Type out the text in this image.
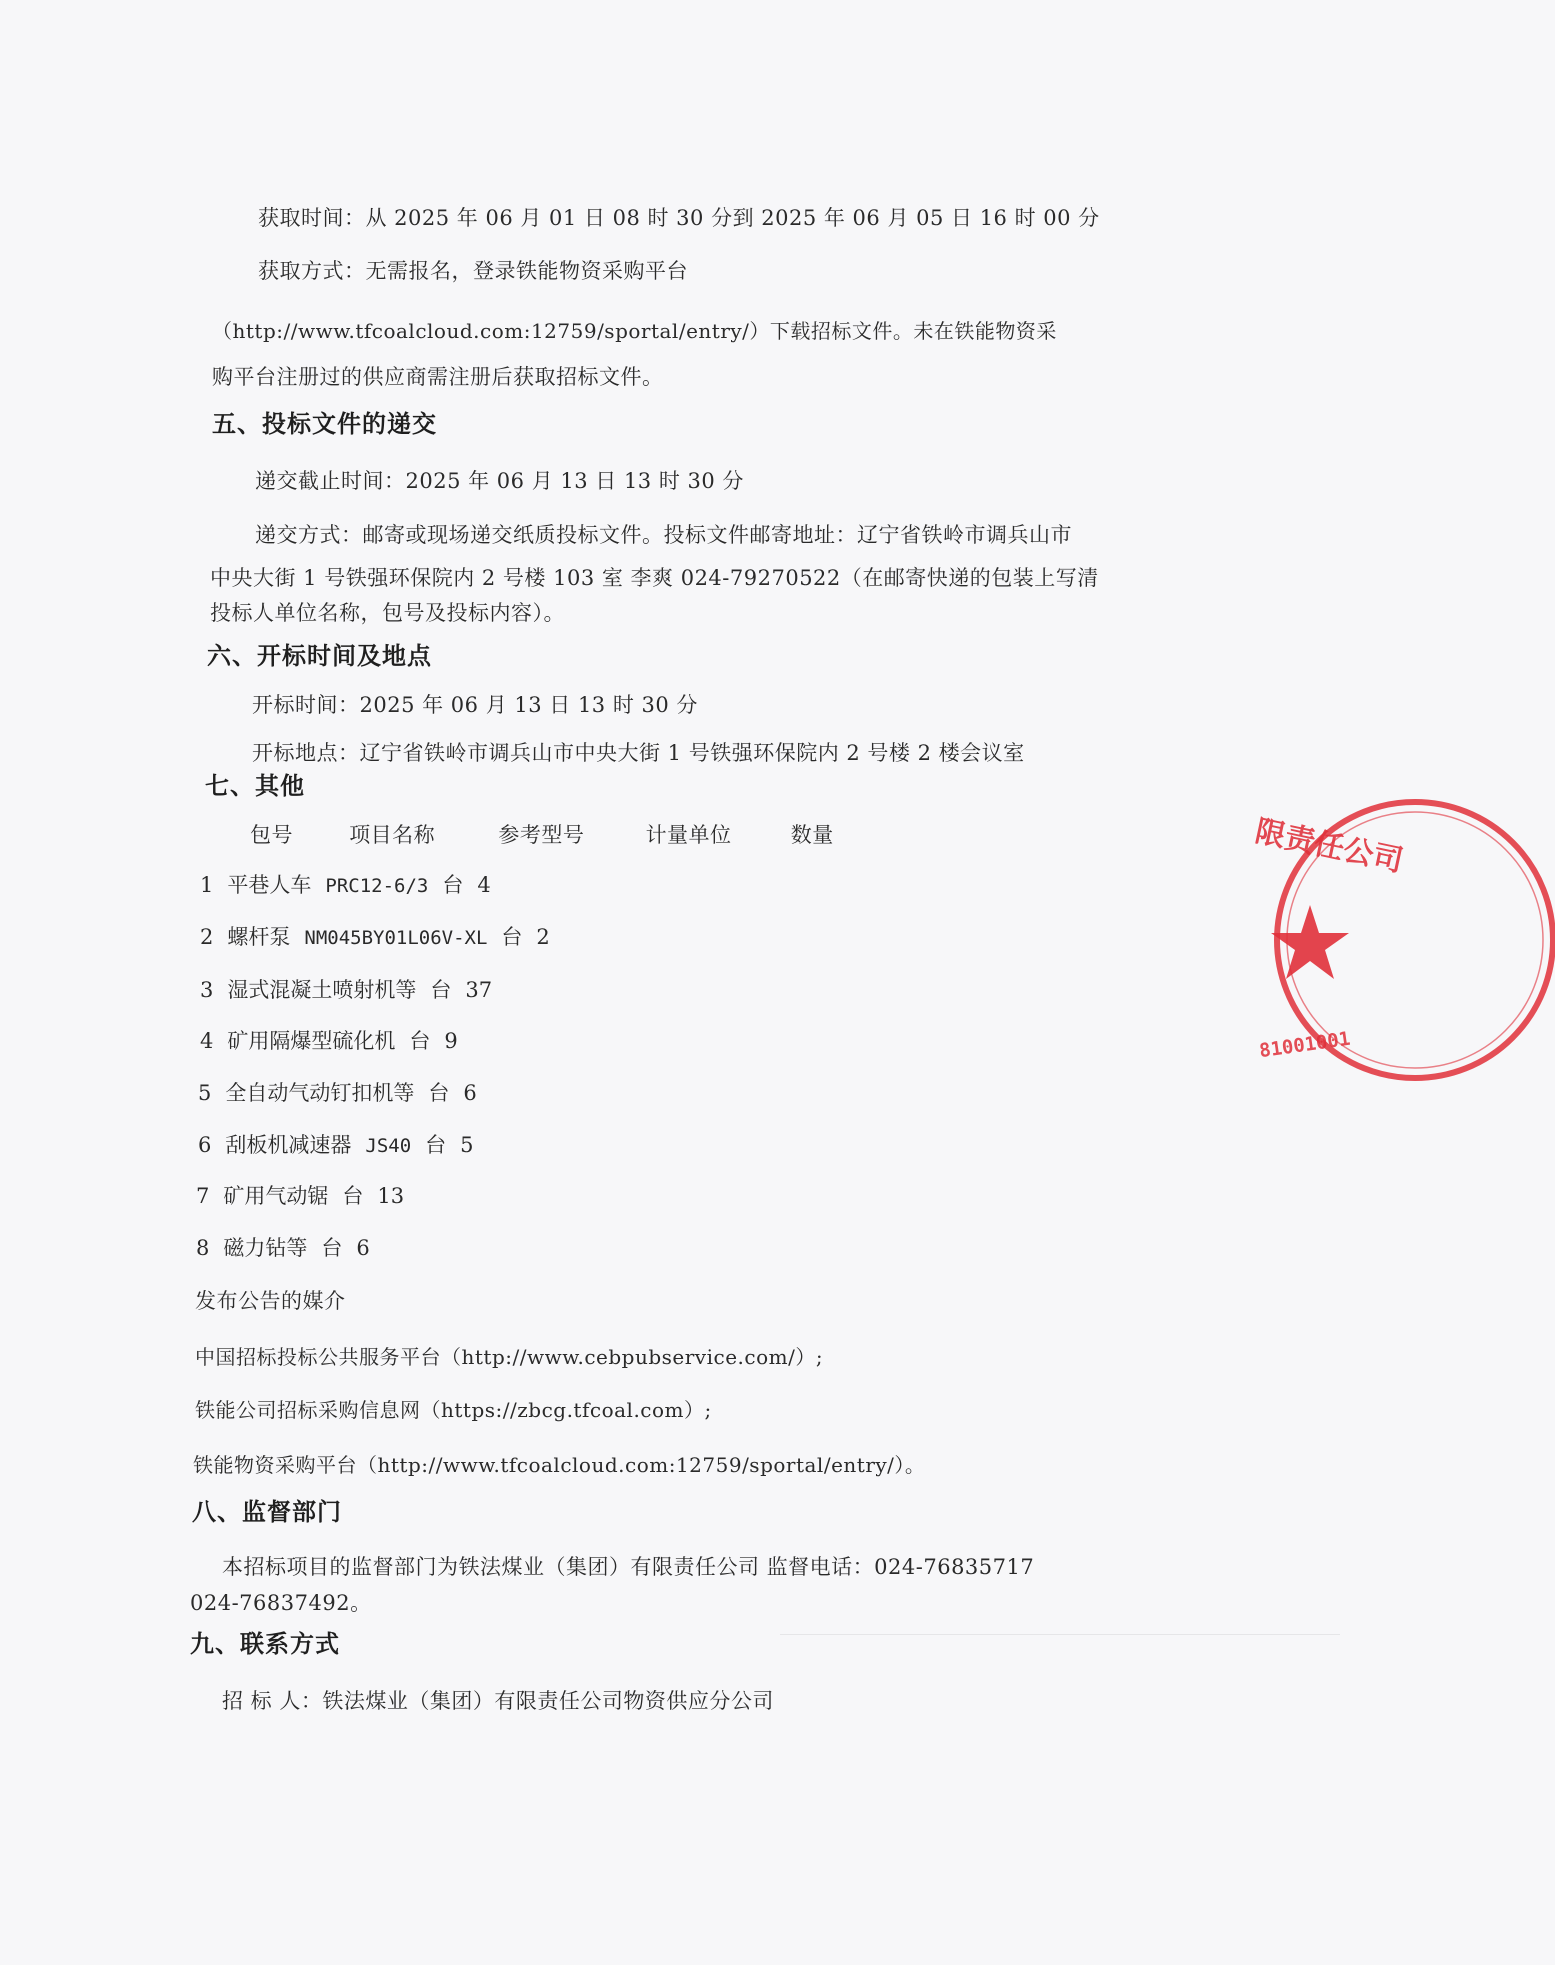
获取时间：从 2025 年 06 月 01 日 08 时 30 分到 2025 年 06 月 05 日 16 时 00 分
获取方式：无需报名，登录铁能物资采购平台
（http://www.tfcoalcloud.com:12759/sportal/entry/）下载招标文件。未在铁能物资采
购平台注册过的供应商需注册后获取招标文件。
五、投标文件的递交
递交截止时间：2025 年 06 月 13 日 13 时 30 分
递交方式：邮寄或现场递交纸质投标文件。投标文件邮寄地址：辽宁省铁岭市调兵山市
中央大街 1 号铁强环保院内 2 号楼 103 室 李爽 024-79270522（在邮寄快递的包装上写清
投标人单位名称，包号及投标内容）。
六、开标时间及地点
开标时间：2025 年 06 月 13 日 13 时 30 分
开标地点：辽宁省铁岭市调兵山市中央大街 1 号铁强环保院内 2 号楼 2 楼会议室
七、其他
包号	项目名称	参考型号	计量单位	数量
1 平巷人车 PRC12-6/3 台 4
2 螺杆泵 NM045BY01L06V-XL 台 2
3 湿式混凝土喷射机等 台 37
4 矿用隔爆型硫化机 台 9
5 全自动气动钉扣机等 台 6
6 刮板机减速器 JS40 台 5
7 矿用气动锯 台 13
8 磁力钻等 台 6
发布公告的媒介
中国招标投标公共服务平台（http://www.cebpubservice.com/）;
铁能公司招标采购信息网（https://zbcg.tfcoal.com）;
铁能物资采购平台（http://www.tfcoalcloud.com:12759/sportal/entry/）。
八、监督部门
本招标项目的监督部门为铁法煤业（集团）有限责任公司 监督电话：024-76835717
024-76837492。
九、联系方式
招 标 人：铁法煤业（集团）有限责任公司物资供应分公司
限责任公司
81001001
